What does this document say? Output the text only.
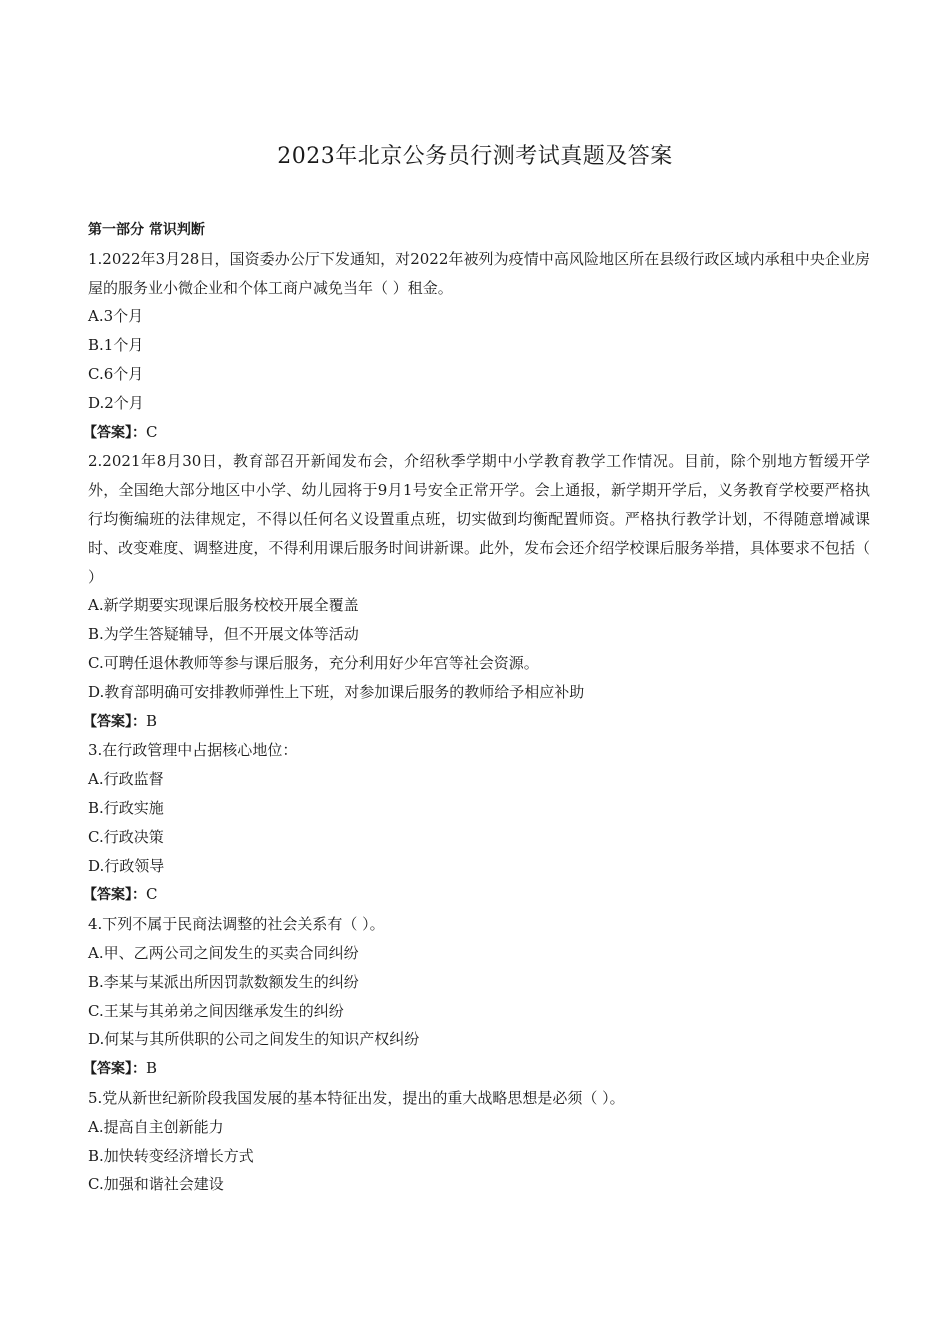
2023年北京公务员行测考试真题及答案
第一部分 常识判断

1.2022年3月28日，国资委办公厅下发通知，对2022年被列为疫情中高风险地区所在县级行政区域内承租中央企业房屋的服务业小微企业和个体工商户减免当年（ ）租金。

A.3个月

B.1个月

C.6个月

D.2个月

【答案】：C

2.2021年8月30日，教育部召开新闻发布会，介绍秋季学期中小学教育教学工作情况。目前，除个别地方暂缓开学外，全国绝大部分地区中小学、幼儿园将于9月1号安全正常开学。会上通报，新学期开学后，义务教育学校要严格执行均衡编班的法律规定，不得以任何名义设置重点班，切实做到均衡配置师资。严格执行教学计划，不得随意增减课时、改变难度、调整进度，不得利用课后服务时间讲新课。此外，发布会还介绍学校课后服务举措，具体要求不包括（ ）

A.新学期要实现课后服务校校开展全覆盖

B.为学生答疑辅导，但不开展文体等活动

C.可聘任退休教师等参与课后服务，充分利用好少年宫等社会资源。

D.教育部明确可安排教师弹性上下班，对参加课后服务的教师给予相应补助

【答案】：B

3.在行政管理中占据核心地位：

A.行政监督

B.行政实施

C.行政决策

D.行政领导

【答案】：C

4.下列不属于民商法调整的社会关系有（ ）。

A.甲、乙两公司之间发生的买卖合同纠纷

B.李某与某派出所因罚款数额发生的纠纷

C.王某与其弟弟之间因继承发生的纠纷

D.何某与其所供职的公司之间发生的知识产权纠纷

【答案】：B

5.党从新世纪新阶段我国发展的基本特征出发，提出的重大战略思想是必须（ ）。

A.提高自主创新能力

B.加快转变经济增长方式

C.加强和谐社会建设
